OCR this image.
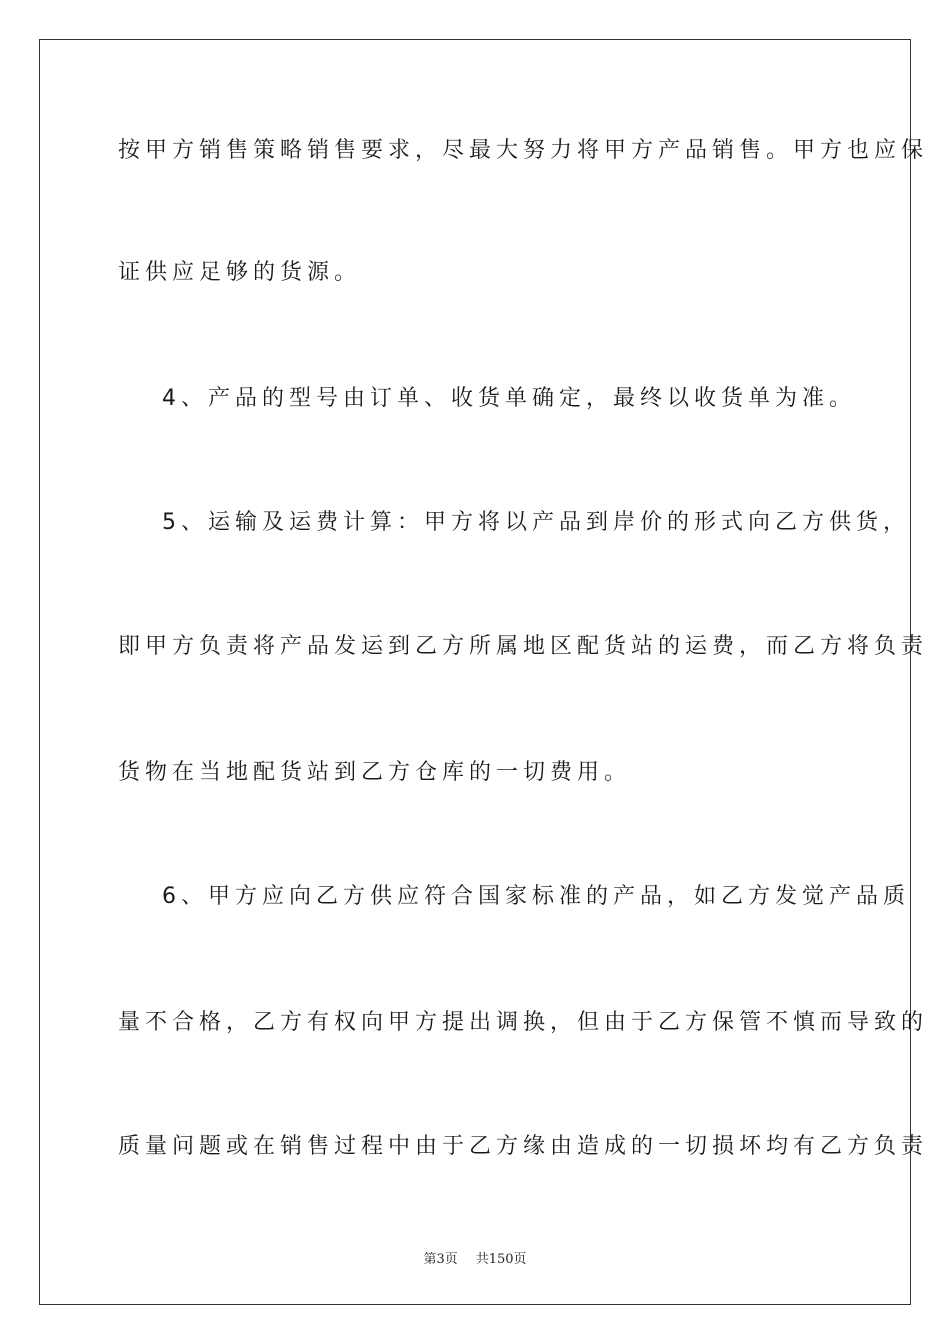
按甲方销售策略销售要求，尽最大努力将甲方产品销售。甲方也应保
证供应足够的货源。
4、产品的型号由订单、收货单确定，最终以收货单为准。
5、运输及运费计算：甲方将以产品到岸价的形式向乙方供货，
即甲方负责将产品发运到乙方所属地区配货站的运费，而乙方将负责
货物在当地配货站到乙方仓库的一切费用。
6、甲方应向乙方供应符合国家标准的产品，如乙方发觉产品质
量不合格，乙方有权向甲方提出调换，但由于乙方保管不慎而导致的
质量问题或在销售过程中由于乙方缘由造成的一切损坏均有乙方负责
第3页 共150页
